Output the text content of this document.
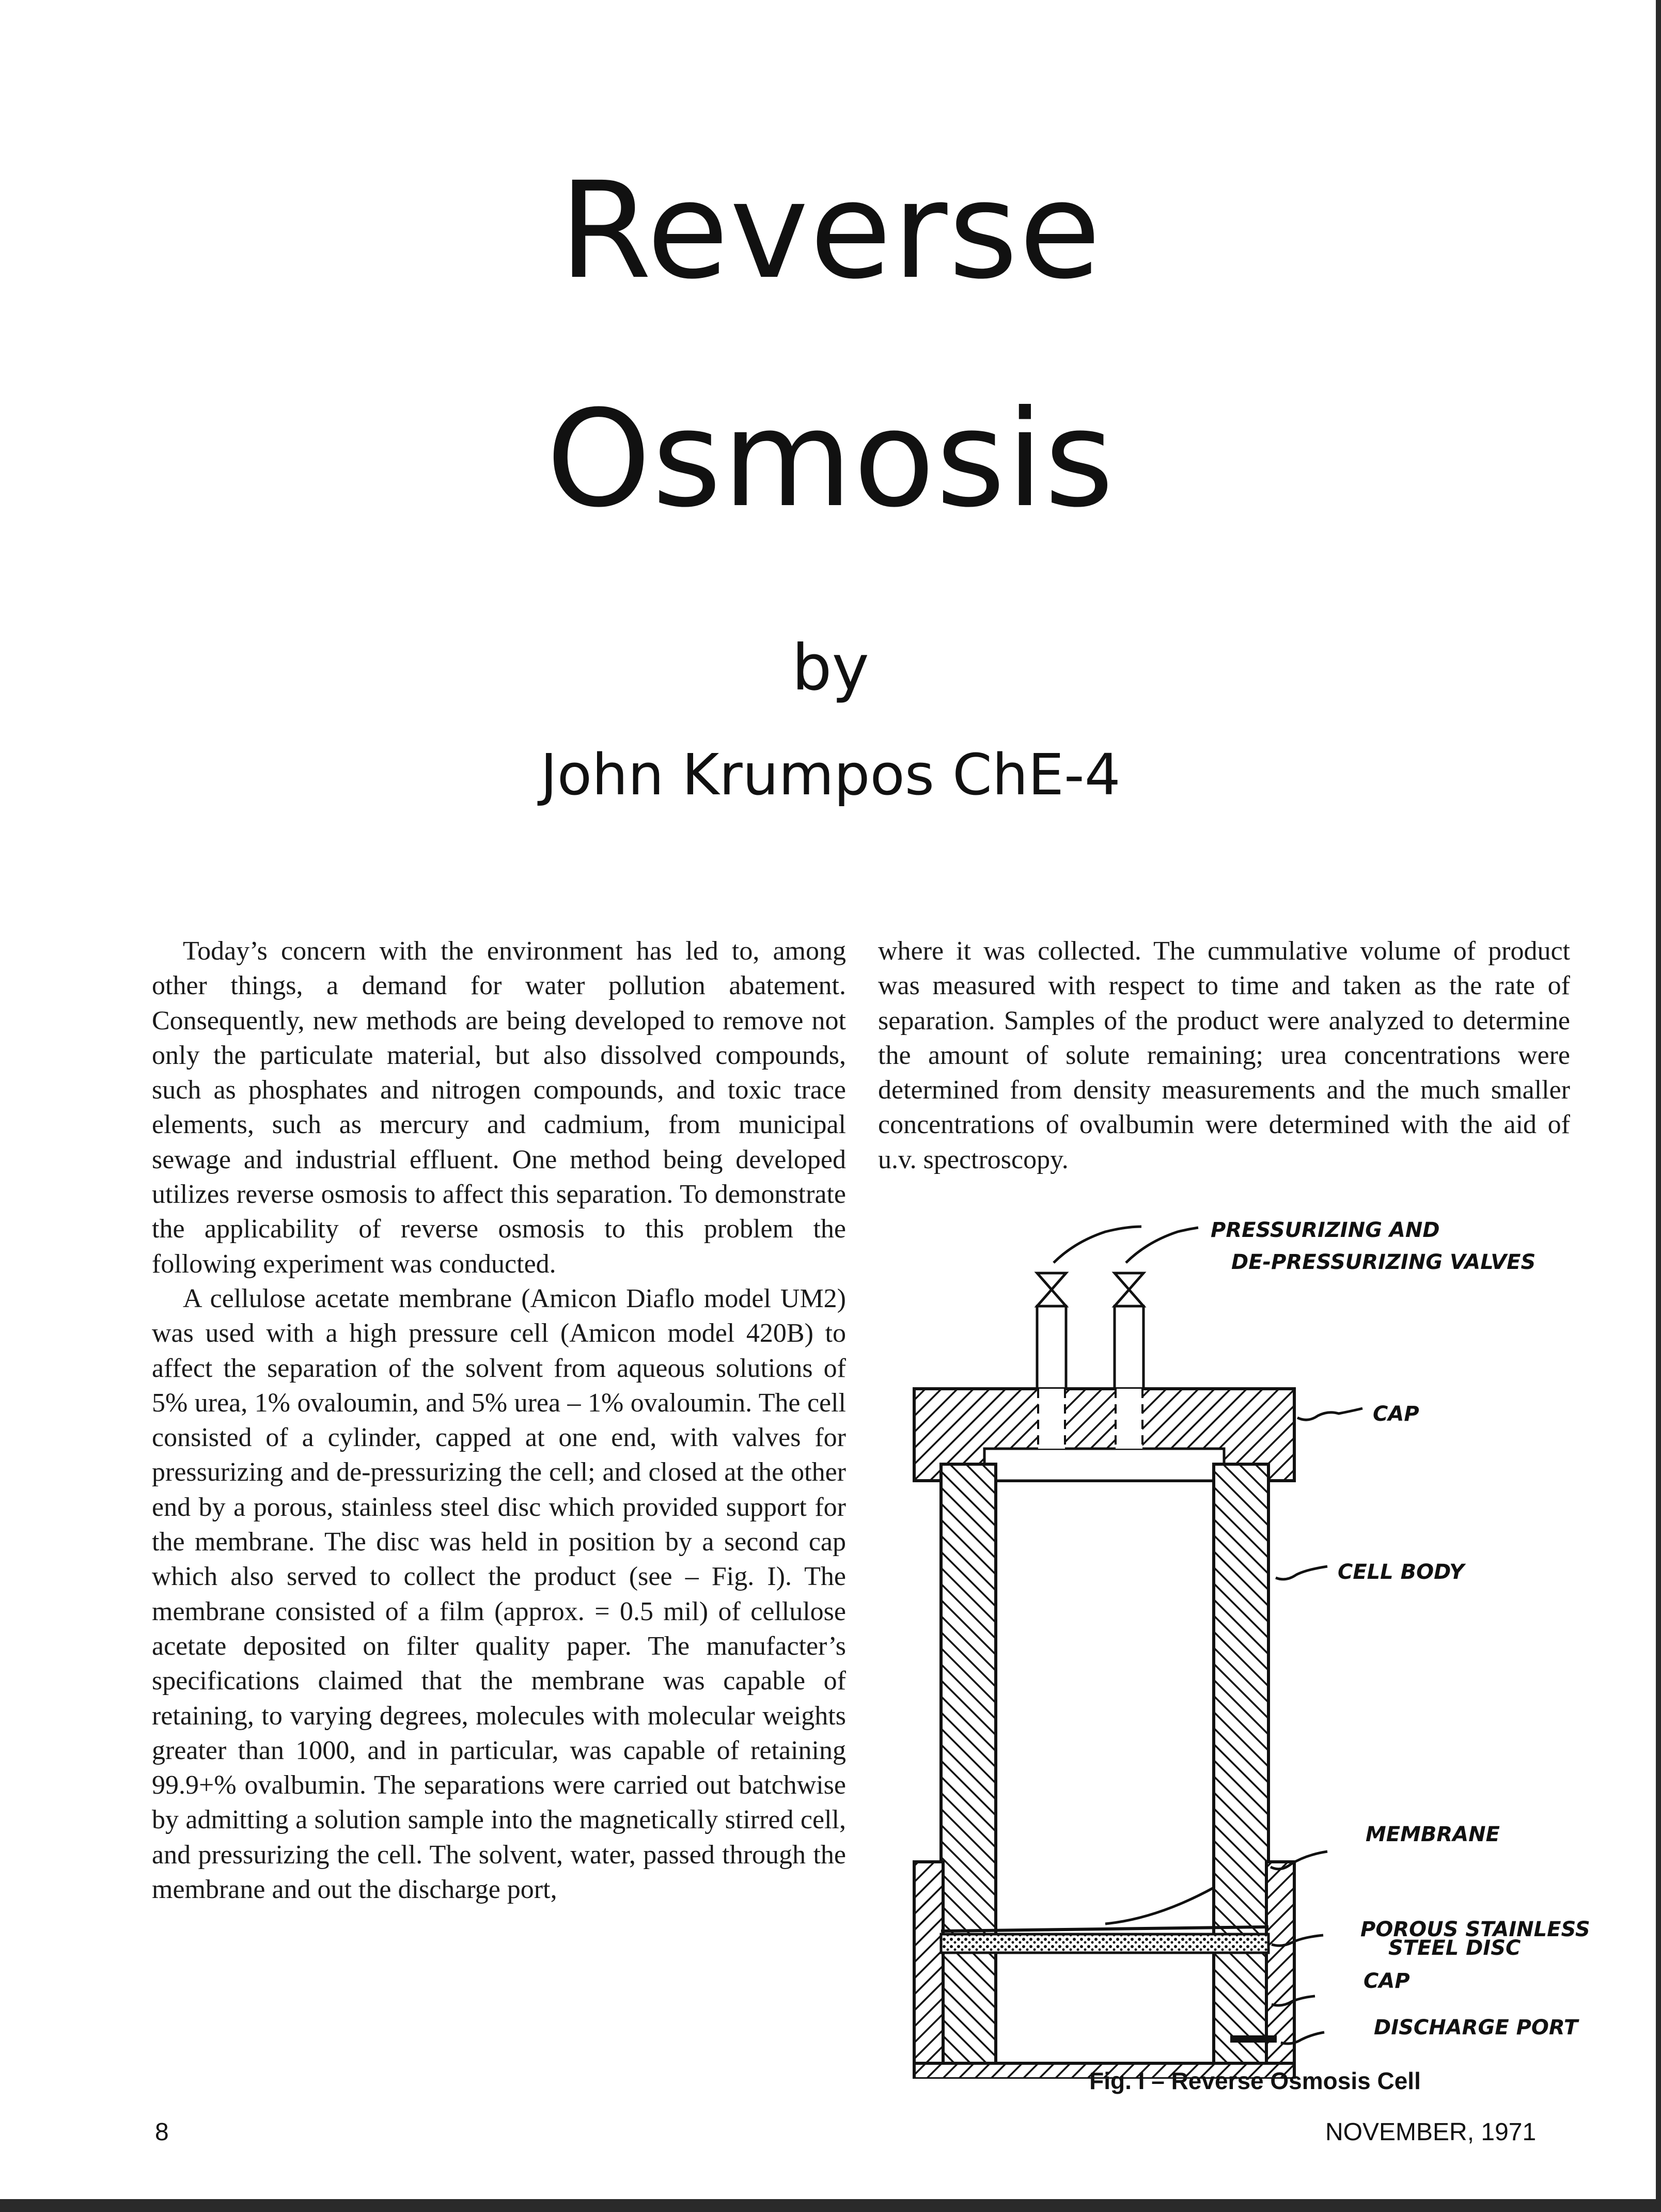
Reverse
Osmosis
by
John Krumpos ChE-4

Today’s concern with the environment has led to, among other things, a demand for water pollution abatement. Consequently, new methods are being developed to remove not only the particulate material, but also dissolved compounds, such as phosphates and nitrogen compounds, and toxic trace elements, such as mercury and cadmium, from municipal sewage and industrial effluent. One method being developed utilizes reverse osmosis to affect this separation. To demonstrate the applicability of reverse osmosis to this problem the following experiment was conducted.

A cellulose acetate membrane (Amicon Diaflo model UM2) was used with a high pressure cell (Amicon model 420B) to affect the separation of the solvent from aqueous solutions of 5% urea, 1% ovaloumin, and 5% urea – 1% ovaloumin. The cell consisted of a cylinder, capped at one end, with valves for pressurizing and de-pressurizing the cell; and closed at the other end by a porous, stainless steel disc which provided support for the membrane. The disc was held in position by a second cap which also served to collect the product (see – Fig. I). The membrane consisted of a film (approx. = 0.5 mil) of cellulose acetate deposited on filter quality paper. The manufacter’s specifications claimed that the membrane was capable of retaining, to varying degrees, molecules with molecular weights greater than 1000, and in particular, was capable of retaining 99.9+% ovalbumin. The separations were carried out batchwise by admitting a solution sample into the magnetically stirred cell, and pressurizing the cell. The solvent, water, passed through the membrane and out the discharge port,

where it was collected. The cummulative volume of product was measured with respect to time and taken as the rate of separation. Samples of the product were analyzed to determine the amount of solute remaining; urea concentrations were determined from density measurements and the much smaller concentrations of ovalbumin were determined with the aid of u.v. spectroscopy.

PRESSURIZING AND
DE-PRESSURIZING VALVES
CAP
CELL BODY
MEMBRANE
POROUS STAINLESS
STEEL DISC
CAP
DISCHARGE PORT
Fig. I – Reverse Osmosis Cell
8	NOVEMBER, 1971
